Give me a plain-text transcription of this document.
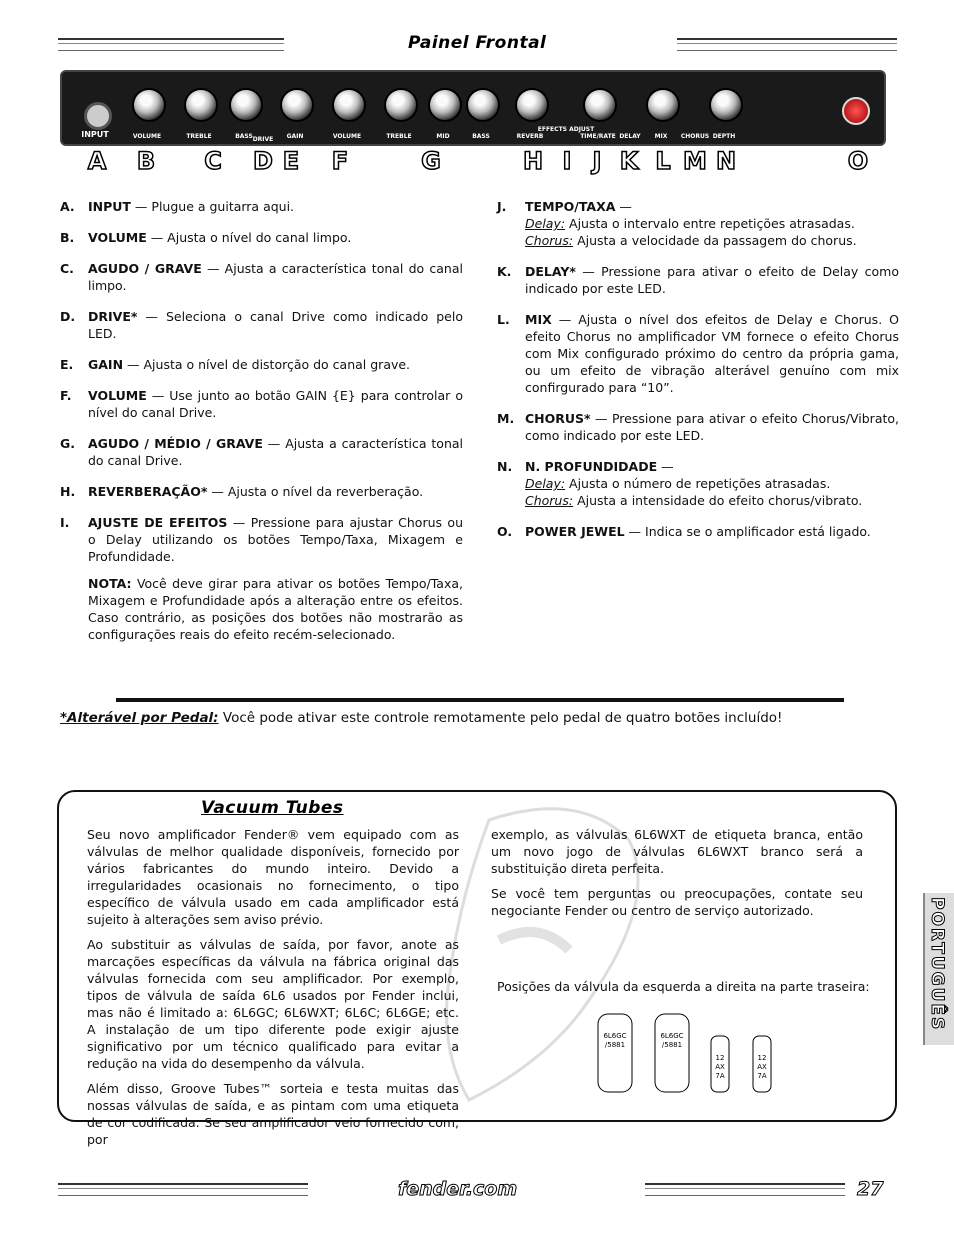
Painel Frontal
INPUT	VOLUME	TREBLE	BASS	GAIN	VOLUME	TREBLE	MID	BASS	REVERB	TIME/RATE	MIX	DEPTH
DRIVE
EFFECTS ADJUST
DELAY	CHORUS
A B C D E F	G	H I J K L M N	O
A. INPUT — Plugue a guitarra aqui.

B. VOLUME — Ajusta o nível do canal limpo.

C. AGUDO / GRAVE — Ajusta a característica tonal do canal limpo.

D. DRIVE* — Seleciona o canal Drive como indicado pelo LED.

E. GAIN — Ajusta o nível de distorção do canal grave.

F. VOLUME — Use junto ao botão GAIN {E} para controlar o nível do canal Drive.

G. AGUDO / MÉDIO / GRAVE — Ajusta a característica tonal do canal Drive.

H. REVERBERAÇÃO* — Ajusta o nível da reverberação.

I. AJUSTE DE EFEITOS — Pressione para ajustar Chorus ou o Delay utilizando os botões Tempo/Taxa, Mixagem e Profundidade.

NOTA: Você deve girar para ativar os botões Tempo/Taxa, Mixagem e Profundidade após a alteração entre os efeitos. Caso contrário, as posições dos botões não mostrarão as configurações reais do efeito recém-selecionado.

J. TEMPO/TAXA —

Delay: Ajusta o intervalo entre repetições atrasadas.

Chorus: Ajusta a velocidade da passagem do chorus.

K. DELAY* — Pressione para ativar o efeito de Delay como indicado por este LED.

L. MIX — Ajusta o nível dos efeitos de Delay e Chorus. O efeito Chorus no amplificador VM fornece o efeito Chorus com Mix configurado próximo do centro da própria gama, ou um efeito de vibração alterável genuíno com mix confirgurado para “10”.

M. CHORUS* — Pressione para ativar o efeito Chorus/Vibrato, como indicado por este LED.

N. N. PROFUNDIDADE —

Delay: Ajusta o número de repetições atrasadas.

Chorus: Ajusta a intensidade do efeito chorus/vibrato.

O. POWER JEWEL — Indica se o amplificador está ligado.

*Alterável por Pedal: Você pode ativar este controle remotamente pelo pedal de quatro botões incluído!
Vacuum Tubes

Seu novo amplificador Fender® vem equipado com as válvulas de melhor qualidade disponíveis, fornecido por vários fabricantes do mundo inteiro. Devido a irregularidades ocasionais no fornecimento, o tipo específico de válvula usado em cada amplificador está sujeito à alterações sem aviso prévio.

Ao substituir as válvulas de saída, por favor, anote as marcações específicas da válvula na fábrica original das válvulas fornecida com seu amplificador. Por exemplo, tipos de válvula de saída 6L6 usados por Fender inclui, mas não é limitado a: 6L6GC; 6L6WXT; 6L6C; 6L6GE; etc. A instalação de um tipo diferente pode exigir ajuste significativo por um técnico qualificado para evitar a redução na vida do desempenho da válvula.

Além disso, Groove Tubes™ sorteia e testa muitas das nossas válvulas de saída, e as pintam com uma etiqueta de cor codificada. Se seu amplificador veio fornecido com, por

exemplo, as válvulas 6L6WXT de etiqueta branca, então um novo jogo de válvulas 6L6WXT branco será a substituição direta perfeita.

Se você tem perguntas ou preocupações, contate seu negociante Fender ou centro de serviço autorizado.

Posições da válvula da esquerda a direita na parte traseira:
6L6GC
/5881
6L6GC
/5881
12
AX
7A
12
AX
7A
PORTUGUÊS
fender.com	27
